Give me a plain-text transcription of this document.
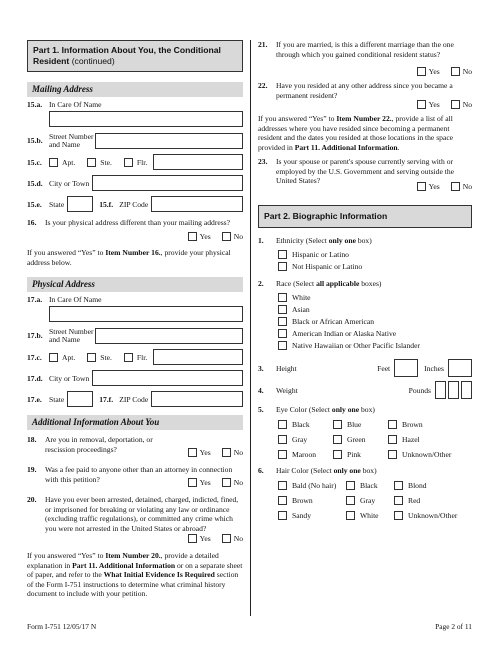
Part 1. Information About You, the Conditional Resident (continued)
Mailing Address
15.a. In Care Of Name
15.b. Street Number and Name
15.c.	Apt.	Ste.	Flr.
15.d. City or Town
15.e. State	15.f. ZIP Code
16.	Is your physical address different than your mailing address?
Yes	No

If you answered “Yes” to Item Number 16., provide your physical address below.

Physical Address
17.a. In Care Of Name
17.b. Street Number and Name
17.c.	Apt.	Ste.	Flr.
17.d. City or Town
17.e. State	17.f. ZIP Code
Additional Information About You
18.	Are you in removal, deportation, or rescission proceedings?	Yes	No
19.	Was a fee paid to anyone other than an attorney in connection with this petition?	Yes	No
20.	Have you ever been arrested, detained, charged, indicted, fined, or imprisoned for breaking or violating any law or ordinance (excluding traffic regulations), or committed any crime which you were not arrested in the United States or abroad?
Yes	No

If you answered “Yes” to Item Number 20., provide a detailed explanation in Part 11. Additional Information or on a separate sheet of paper, and refer to the What Initial Evidence Is Required section of the Form I-751 instructions to determine what criminal history document to include with your petition.

21.	If you are married, is this a different marriage than the one through which you gained conditional resident status?
Yes	No
22.	Have you resided at any other address since you became a permanent resident?
Yes	No

If you answered “Yes” to Item Number 22., provide a list of all addresses where you have resided since becoming a permanent resident and the dates you resided at those locations in the space provided in Part 11. Additional Information.

23.	Is your spouse or parent's spouse currently serving with or employed by the U.S. Government and serving outside the United States?
Yes	No
Part 2. Biographic Information
1.	Ethnicity (Select only one box)
Hispanic or Latino
Not Hispanic or Latino
2.	Race (Select all applicable boxes)
White
Asian
Black or African American
American Indian or Alaska Native
Native Hawaiian or Other Pacific Islander
3.	Height	Feet	Inches
4.	Weight	Pounds
5.	Eye Color (Select only one box)
Black	Blue	Brown
Gray	Green	Hazel
Maroon	Pink	Unknown/Other
6.	Hair Color (Select only one box)
Bald (No hair)	Black	Blond
Brown	Gray	Red
Sandy	White	Unknown/Other
Form I-751 12/05/17 N	Page 2 of 11
